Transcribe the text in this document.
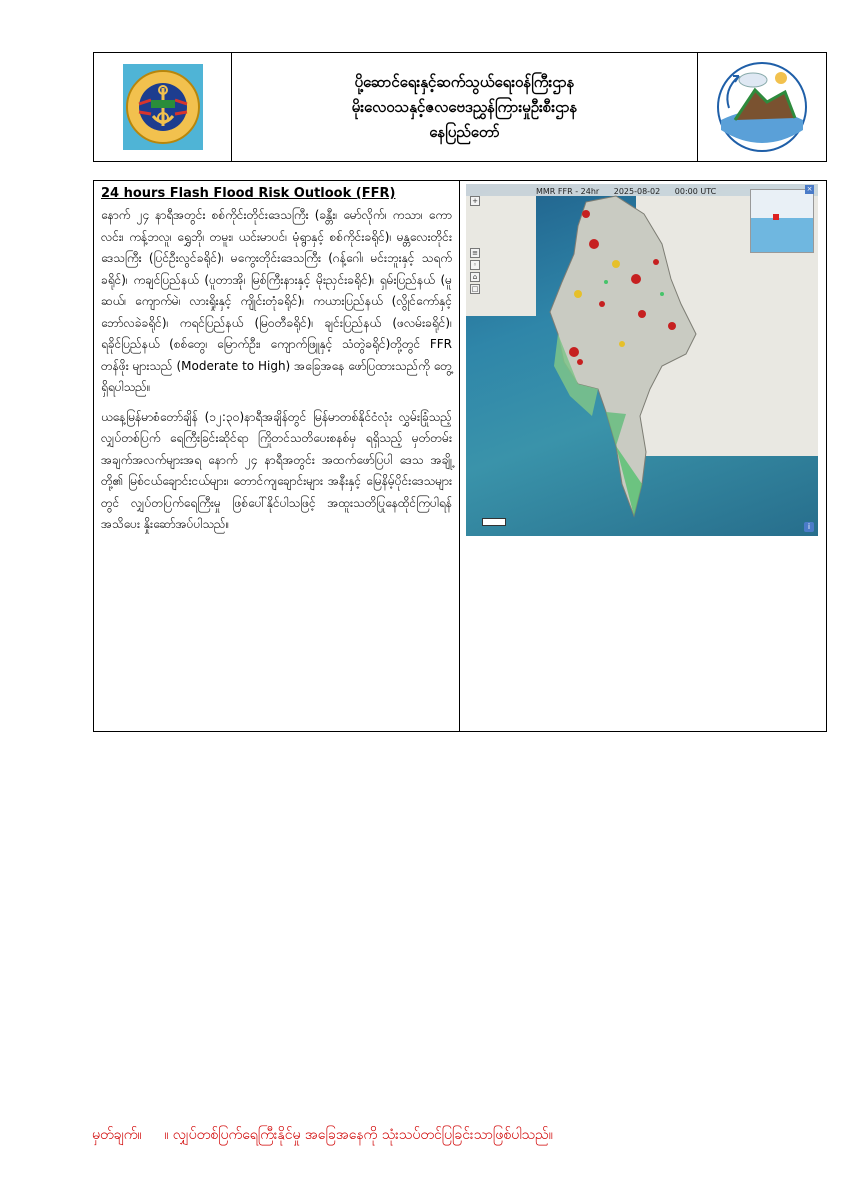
ပို့ဆောင်ရေးနှင့်ဆက်သွယ်ရေးဝန်ကြီးဌာန
မိုးလေဝသနှင့်ဇလဗေဒညွှန်ကြားမှုဦးစီးဌာန
နေပြည်တော်
24 hours Flash Flood Risk Outlook (FFR)

နောက် ၂၄ နာရီအတွင်း စစ်ကိုင်းတိုင်းဒေသကြီး (ခန္တီး၊ မော်လိုက်၊ ကသာ၊ ကောလင်း၊ ကန့်ဘလူ၊ ရွှေဘို၊ တမူး၊ ယင်းမာပင်၊ မုံရွာနှင့် စစ်ကိုင်းခရိုင်)၊ မန္တလေးတိုင်းဒေသကြီး (ပြင်ဦးလွင်ခရိုင်)၊ မကွေးတိုင်းဒေသကြီး (ဂန့်ဂေါ၊ မင်းဘူးနှင့် သရက်ခရိုင်)၊ ကချင်ပြည်နယ် (ပူတာအို၊ မြစ်ကြီးနားနှင့် မိုးညှင်းခရိုင်)၊ ရှမ်းပြည်နယ် (မူဆယ်၊ ကျောက်မဲ၊ လားရှိုးနှင့် ကျိုင်းတုံခရိုင်)၊ ကယားပြည်နယ် (လွိုင်ကော်နှင့် ဘော်လခဲခရိုင်)၊ ကရင်ပြည်နယ် (မြဝတီခရိုင်)၊ ချင်းပြည်နယ် (ဖလမ်းခရိုင်)၊ ရခိုင်ပြည်နယ် (စစ်တွေ၊ မြောက်ဦး၊ ကျောက်ဖြူနှင့် သံတွဲခရိုင်)တို့တွင် FFR တန်ဖိုး များသည် (Moderate to High) အခြေအနေ ဖော်ပြထားသည်ကို တွေ့ရှိရပါသည်။

ယနေ့မြန်မာစံတော်ချိန် (၁၂:၃၀)နာရီအချိန်တွင် မြန်မာတစ်နိုင်ငံလုံး လွှမ်းခြုံသည့် လျှပ်တစ်ပြက် ရေကြီးခြင်းဆိုင်ရာ ကြိုတင်သတိပေးစနစ်မှ ရရှိသည့် မှတ်တမ်းအချက်အလက်များအရ နောက် ၂၄ နာရီအတွင်း အထက်ဖော်ပြပါ ဒေသ အချို့တို့၏ မြစ်ငယ်ချောင်းငယ်များ၊ တောင်ကျချောင်းများ အနီးနှင့် မြေနိမ့်ပိုင်းဒေသများတွင် လျှပ်တပြက်ရေကြီးမှု ဖြစ်ပေါ်နိုင်ပါသဖြင့် အထူးသတိပြုနေထိုင်ကြပါရန် အသိပေး နှိုးဆော်အပ်ပါသည်။

MMR FFR - 24hr 2025-08-02 00:00 UTC	×
+
≡
◦
⌂
□
i
မှတ်ချက်။ ။ လျှပ်တစ်ပြက်ရေကြီးနိုင်မှု အခြေအနေကို သုံးသပ်တင်ပြခြင်းသာဖြစ်ပါသည်။
